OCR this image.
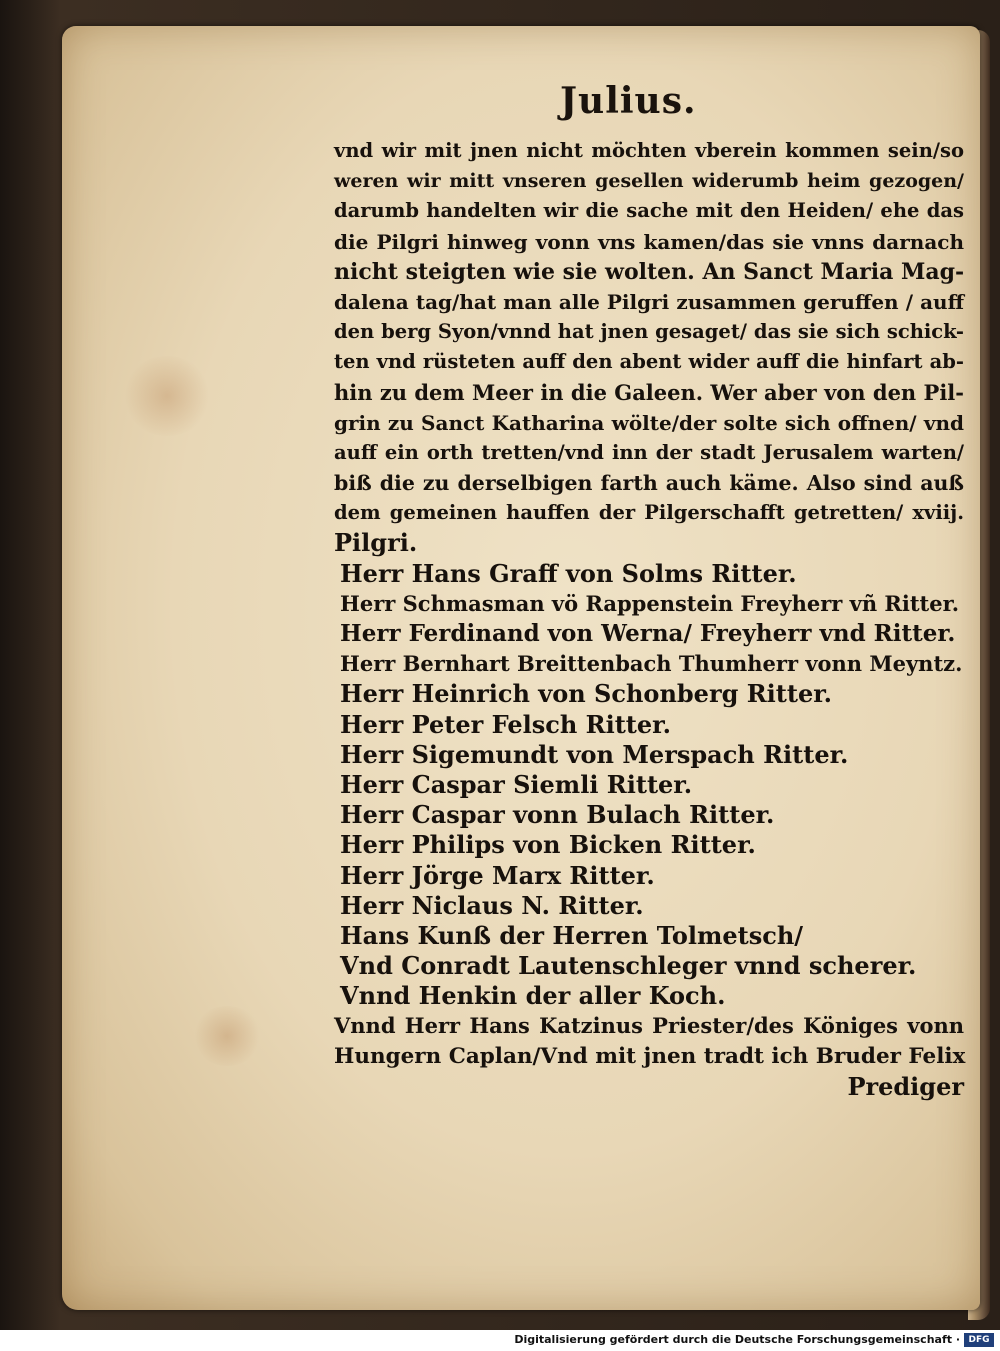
Julius.
vnd wir mit jnen nicht möchten vberein kommen sein/so
weren wir mitt vnseren gesellen widerumb heim gezogen/
darumb handelten wir die sache mit den Heiden/ ehe das
die Pilgri hinweg vonn vns kamen/das sie vnns darnach
nicht steigten wie sie wolten. An Sanct Maria Mag-
dalena tag/hat man alle Pilgri zusammen geruffen / auff
den berg Syon/vnnd hat jnen gesaget/ das sie sich schick-
ten vnd rüsteten auff den abent wider auff die hinfart ab-
hin zu dem Meer in die Galeen. Wer aber von den Pil-
grin zu Sanct Katharina wölte/der solte sich offnen/ vnd
auff ein orth tretten/vnd inn der stadt Jerusalem warten/
biß die zu derselbigen farth auch käme. Also sind auß
dem gemeinen hauffen der Pilgerschafft getretten/ xviij.
Pilgri.
Herr Hans Graff von Solms Ritter.
Herr Schmasman vö Rappenstein Freyherr vñ Ritter.
Herr Ferdinand von Werna/ Freyherr vnd Ritter.
Herr Bernhart Breittenbach Thumherr vonn Meyntz.
Herr Heinrich von Schonberg Ritter.
Herr Peter Felsch Ritter.
Herr Sigemundt von Merspach Ritter.
Herr Caspar Siemli Ritter.
Herr Caspar vonn Bulach Ritter.
Herr Philips von Bicken Ritter.
Herr Jörge Marx Ritter.
Herr Niclaus N. Ritter.
Hans Kunß der Herren Tolmetsch/
Vnd Conradt Lautenschleger vnnd scherer.
Vnnd Henkin der aller Koch.
Vnnd Herr Hans Katzinus Priester/des Königes vonn
Hungern Caplan/Vnd mit jnen tradt ich Bruder Felix
Prediger
Digitalisierung gefördert durch die Deutsche Forschungsgemeinschaft · DFG
